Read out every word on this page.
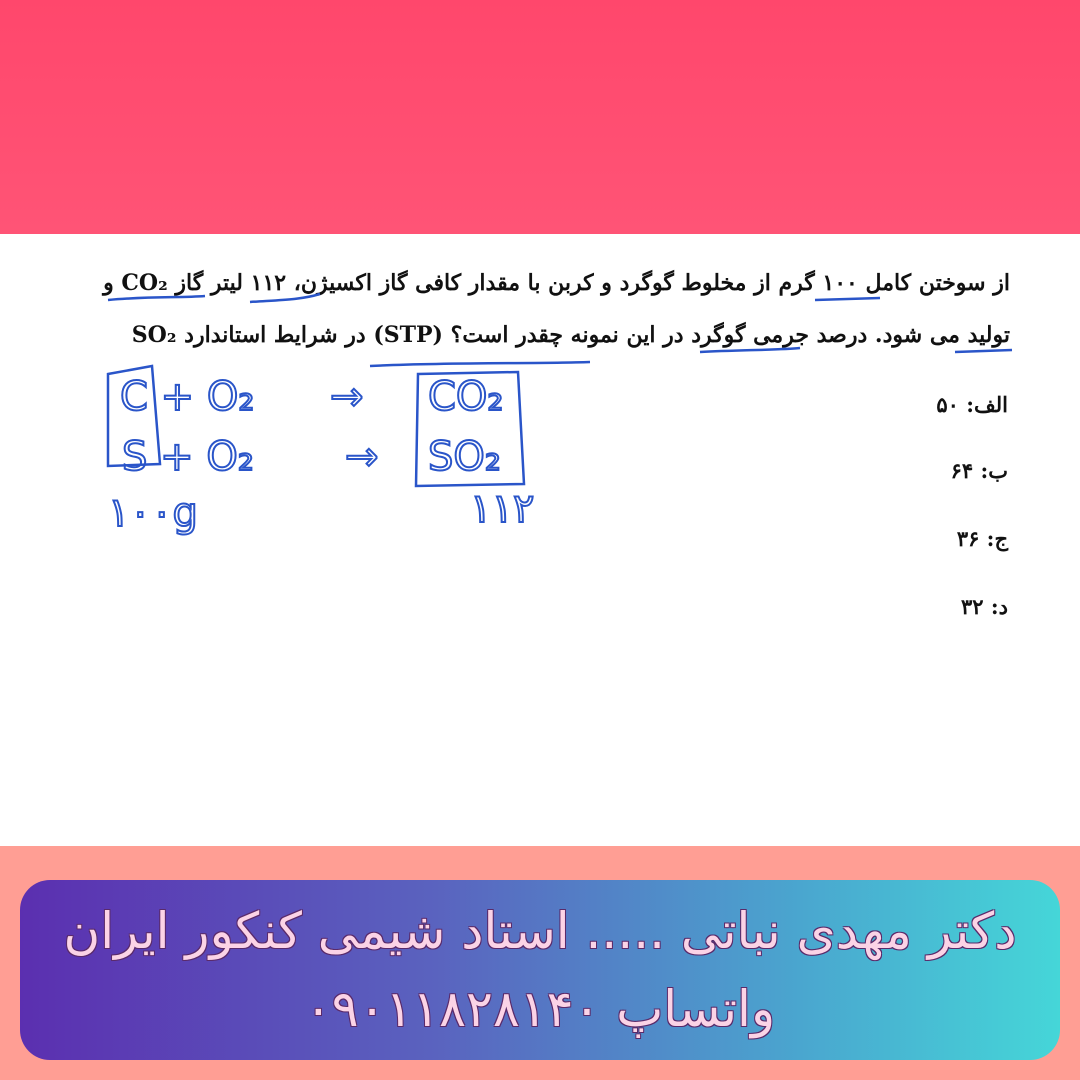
از سوختن کامل ۱۰۰ گرم از مخلوط گوگرد و کربن با مقدار کافی گاز اکسیژن، ۱۱۲ لیتر گاز CO₂ و
SO₂ در شرایط استاندارد (STP) تولید می شود. درصد جرمی گوگرد در این نمونه چقدر است؟
الف: ۵۰
ب: ۶۴
ج: ۳۶
د: ۳۲
C + O₂ → CO₂
S + O₂ → SO₂
۱۰۰g	۱۱۲
دکتر مهدی نباتی ..... استاد شیمی کنکور ایران
واتساپ ۰۹۰۱۱۸۲۸۱۴۰
